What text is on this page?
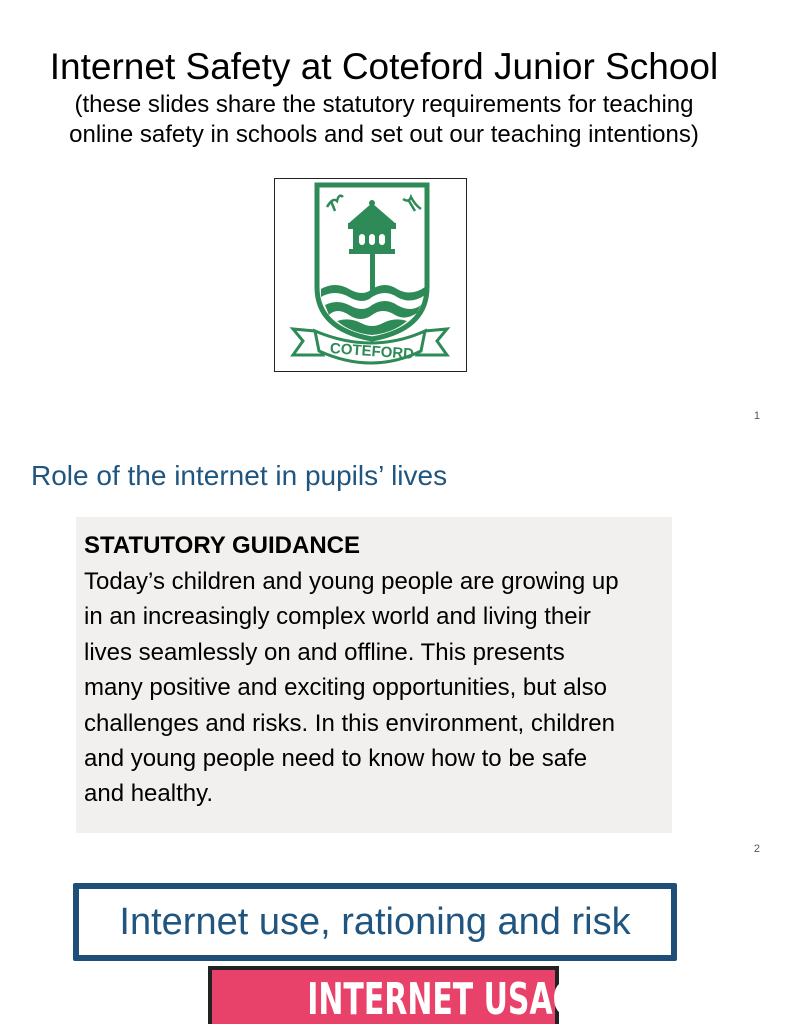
Internet Safety at Coteford Junior School
(these slides share the statutory requirements for teaching
online safety in schools and set out our teaching intentions)
COTEFORD
1
Role of the internet in pupils’ lives
STATUTORY GUIDANCE
Today’s children and young people are growing up
in an increasingly complex world and living their
lives seamlessly on and offline. This presents
many positive and exciting opportunities, but also
challenges and risks. In this environment, children
and young people need to know how to be safe
and healthy.
2
Internet use, rationing and risk
INTERNET USAGE FACTS
